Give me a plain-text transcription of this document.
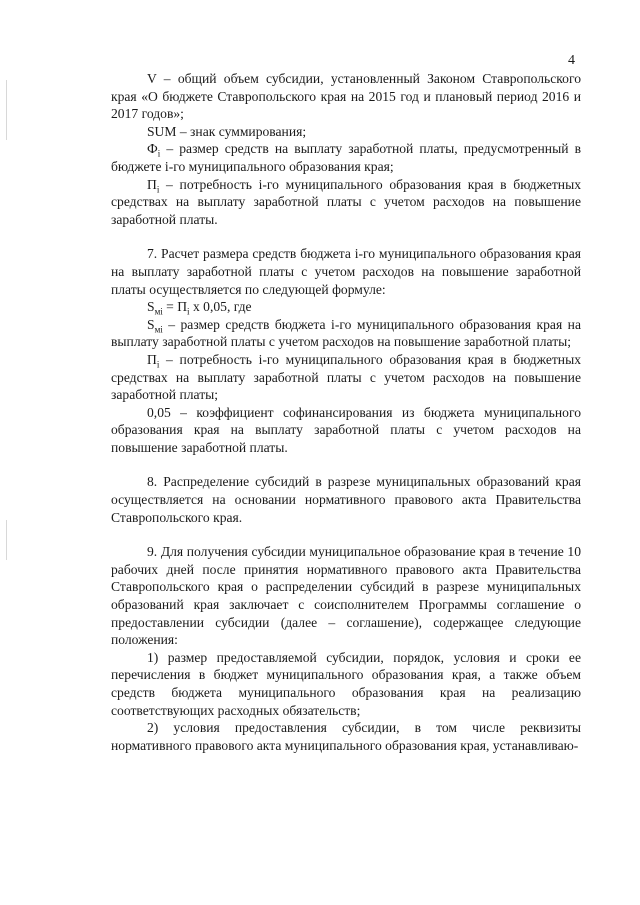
4

V – общий объем субсидии, установленный Законом Ставропольского края «О бюджете Ставропольского края на 2015 год и плановый период 2016 и 2017 годов»;

SUM – знак суммирования;

$Ф_i$ – размер средств на выплату заработной платы, предусмотренный в бюджете i-го муниципального образования края;

$П_i$ – потребность i-го муниципального образования края в бюджетных средствах на выплату заработной платы с учетом расходов на повышение заработной платы.

7. Расчет размера средств бюджета i-го муниципального образования края на выплату заработной платы с учетом расходов на повышение заработной платы осуществляется по следующей формуле:

$S_{мi} = П_i$ x 0,05, где

$S_{мi}$ – размер средств бюджета i-го муниципального образования края на выплату заработной платы с учетом расходов на повышение заработной платы;

$П_i$ – потребность i-го муниципального образования края в бюджетных средствах на выплату заработной платы с учетом расходов на повышение заработной платы;

0,05 – коэффициент софинансирования из бюджета муниципального образования края на выплату заработной платы с учетом расходов на повышение заработной платы.

8. Распределение субсидий в разрезе муниципальных образований края осуществляется на основании нормативного правового акта Правительства Ставропольского края.

9. Для получения субсидии муниципальное образование края в течение 10 рабочих дней после принятия нормативного правового акта Правительства Ставропольского края о распределении субсидий в разрезе муниципальных образований края заключает с соисполнителем Программы соглашение о предоставлении субсидии (далее – соглашение), содержащее следующие положения:

1) размер предоставляемой субсидии, порядок, условия и сроки ее перечисления в бюджет муниципального образования края, а также объем средств бюджета муниципального образования края на реализацию соответствующих расходных обязательств;

2) условия предоставления субсидии, в том числе реквизиты нормативного правового акта муниципального образования края, устанавливаю-
